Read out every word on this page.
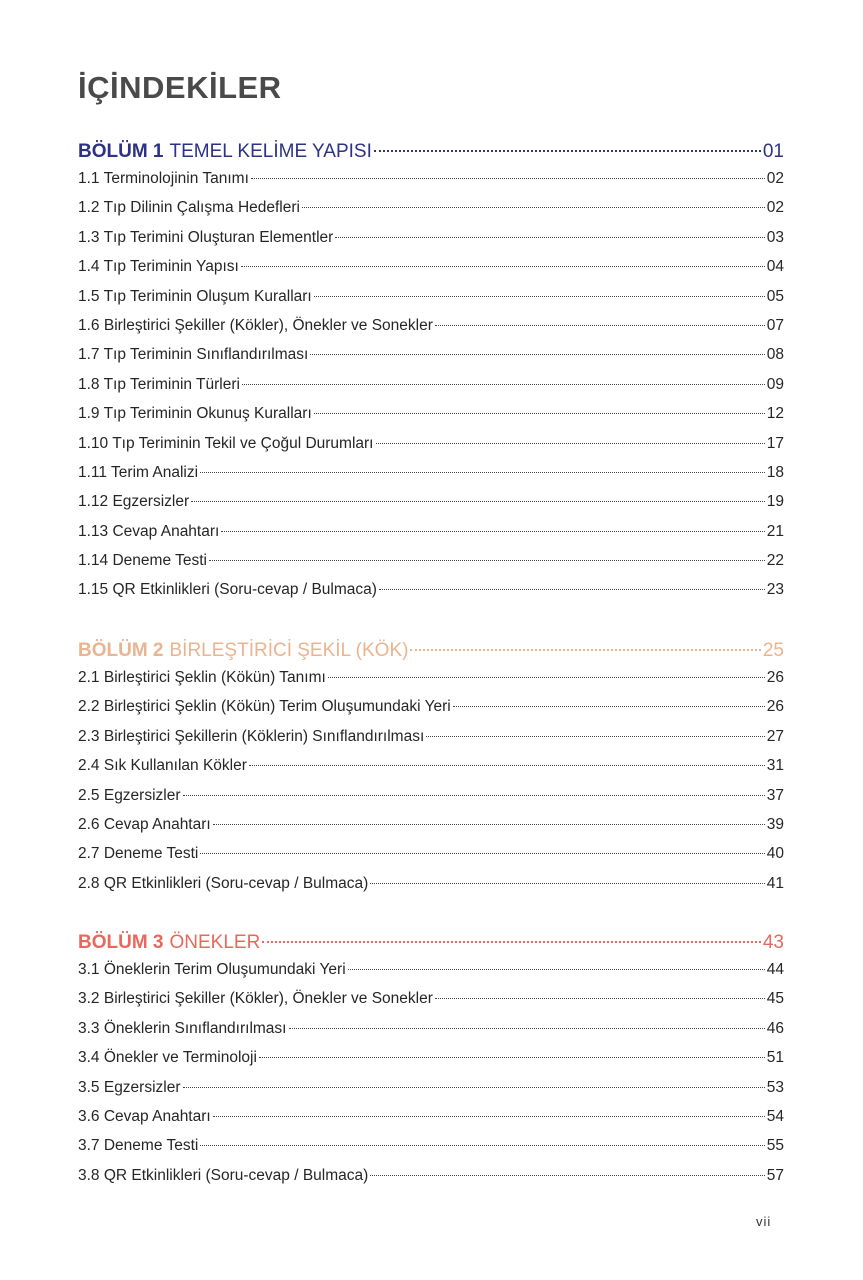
İÇİNDEKİLER
BÖLÜM 1 TEMEL KELİME YAPISI	01
1.1 Terminolojinin Tanımı	02
1.2 Tıp Dilinin Çalışma Hedefleri	02
1.3 Tıp Terimini Oluşturan Elementler	03
1.4 Tıp Teriminin Yapısı	04
1.5 Tıp Teriminin Oluşum Kuralları	05
1.6 Birleştirici Şekiller (Kökler), Önekler ve Sonekler	07
1.7 Tıp Teriminin Sınıflandırılması	08
1.8 Tıp Teriminin Türleri	09
1.9 Tıp Teriminin Okunuş Kuralları	12
1.10 Tıp Teriminin Tekil ve Çoğul Durumları	17
1.11 Terim Analizi	18
1.12 Egzersizler	19
1.13 Cevap Anahtarı	21
1.14 Deneme Testi	22
1.15 QR Etkinlikleri (Soru-cevap / Bulmaca)	23
BÖLÜM 2 BİRLEŞTİRİCİ ŞEKİL (KÖK)	25
2.1 Birleştirici Şeklin (Kökün) Tanımı	26
2.2 Birleştirici Şeklin (Kökün) Terim Oluşumundaki Yeri	26
2.3 Birleştirici Şekillerin (Köklerin) Sınıflandırılması	27
2.4 Sık Kullanılan Kökler	31
2.5 Egzersizler	37
2.6 Cevap Anahtarı	39
2.7 Deneme Testi	40
2.8 QR Etkinlikleri (Soru-cevap / Bulmaca)	41
BÖLÜM 3 ÖNEKLER	43
3.1 Öneklerin Terim Oluşumundaki Yeri	44
3.2 Birleştirici Şekiller (Kökler), Önekler ve Sonekler	45
3.3 Öneklerin Sınıflandırılması	46
3.4 Önekler ve Terminoloji	51
3.5 Egzersizler	53
3.6 Cevap Anahtarı	54
3.7 Deneme Testi	55
3.8 QR Etkinlikleri (Soru-cevap / Bulmaca)	57
vii
